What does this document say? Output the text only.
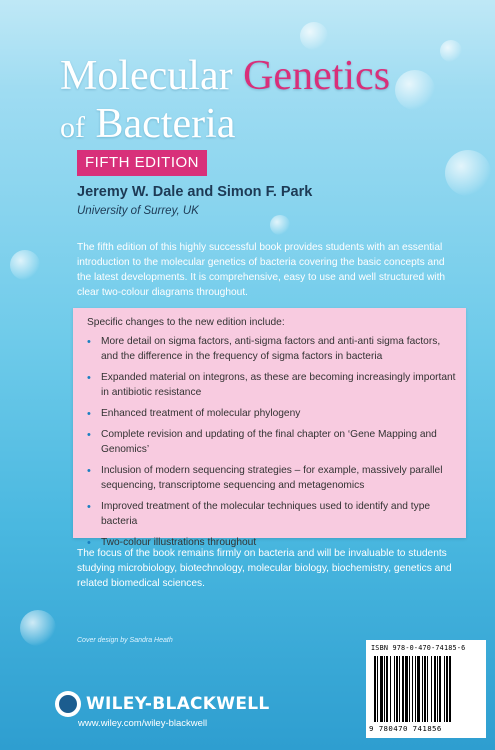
Molecular Genetics
of Bacteria
FIFTH EDITION
Jeremy W. Dale and Simon F. Park
University of Surrey, UK
The fifth edition of this highly successful book provides students with an essential introduction to the molecular genetics of bacteria covering the basic concepts and the latest developments. It is comprehensive, easy to use and well structured with clear two-colour diagrams throughout.
Specific changes to the new edition include:
• More detail on sigma factors, anti-sigma factors and anti-anti sigma factors, and the difference in the frequency of sigma factors in bacteria
• Expanded material on integrons, as these are becoming increasingly important in antibiotic resistance
• Enhanced treatment of molecular phylogeny
• Complete revision and updating of the final chapter on ‘Gene Mapping and Genomics’
• Inclusion of modern sequencing strategies – for example, massively parallel sequencing, transcriptome sequencing and metagenomics
• Improved treatment of the molecular techniques used to identify and type bacteria
• Two-colour illustrations throughout
The focus of the book remains firmly on bacteria and will be invaluable to students studying microbiology, biotechnology, molecular biology, biochemistry, genetics and related biomedical sciences.
Cover design by Sandra Heath
WILEY-BLACKWELL
www.wiley.com/wiley-blackwell
ISBN 978-0-470-74185-6
9 780470 741856
